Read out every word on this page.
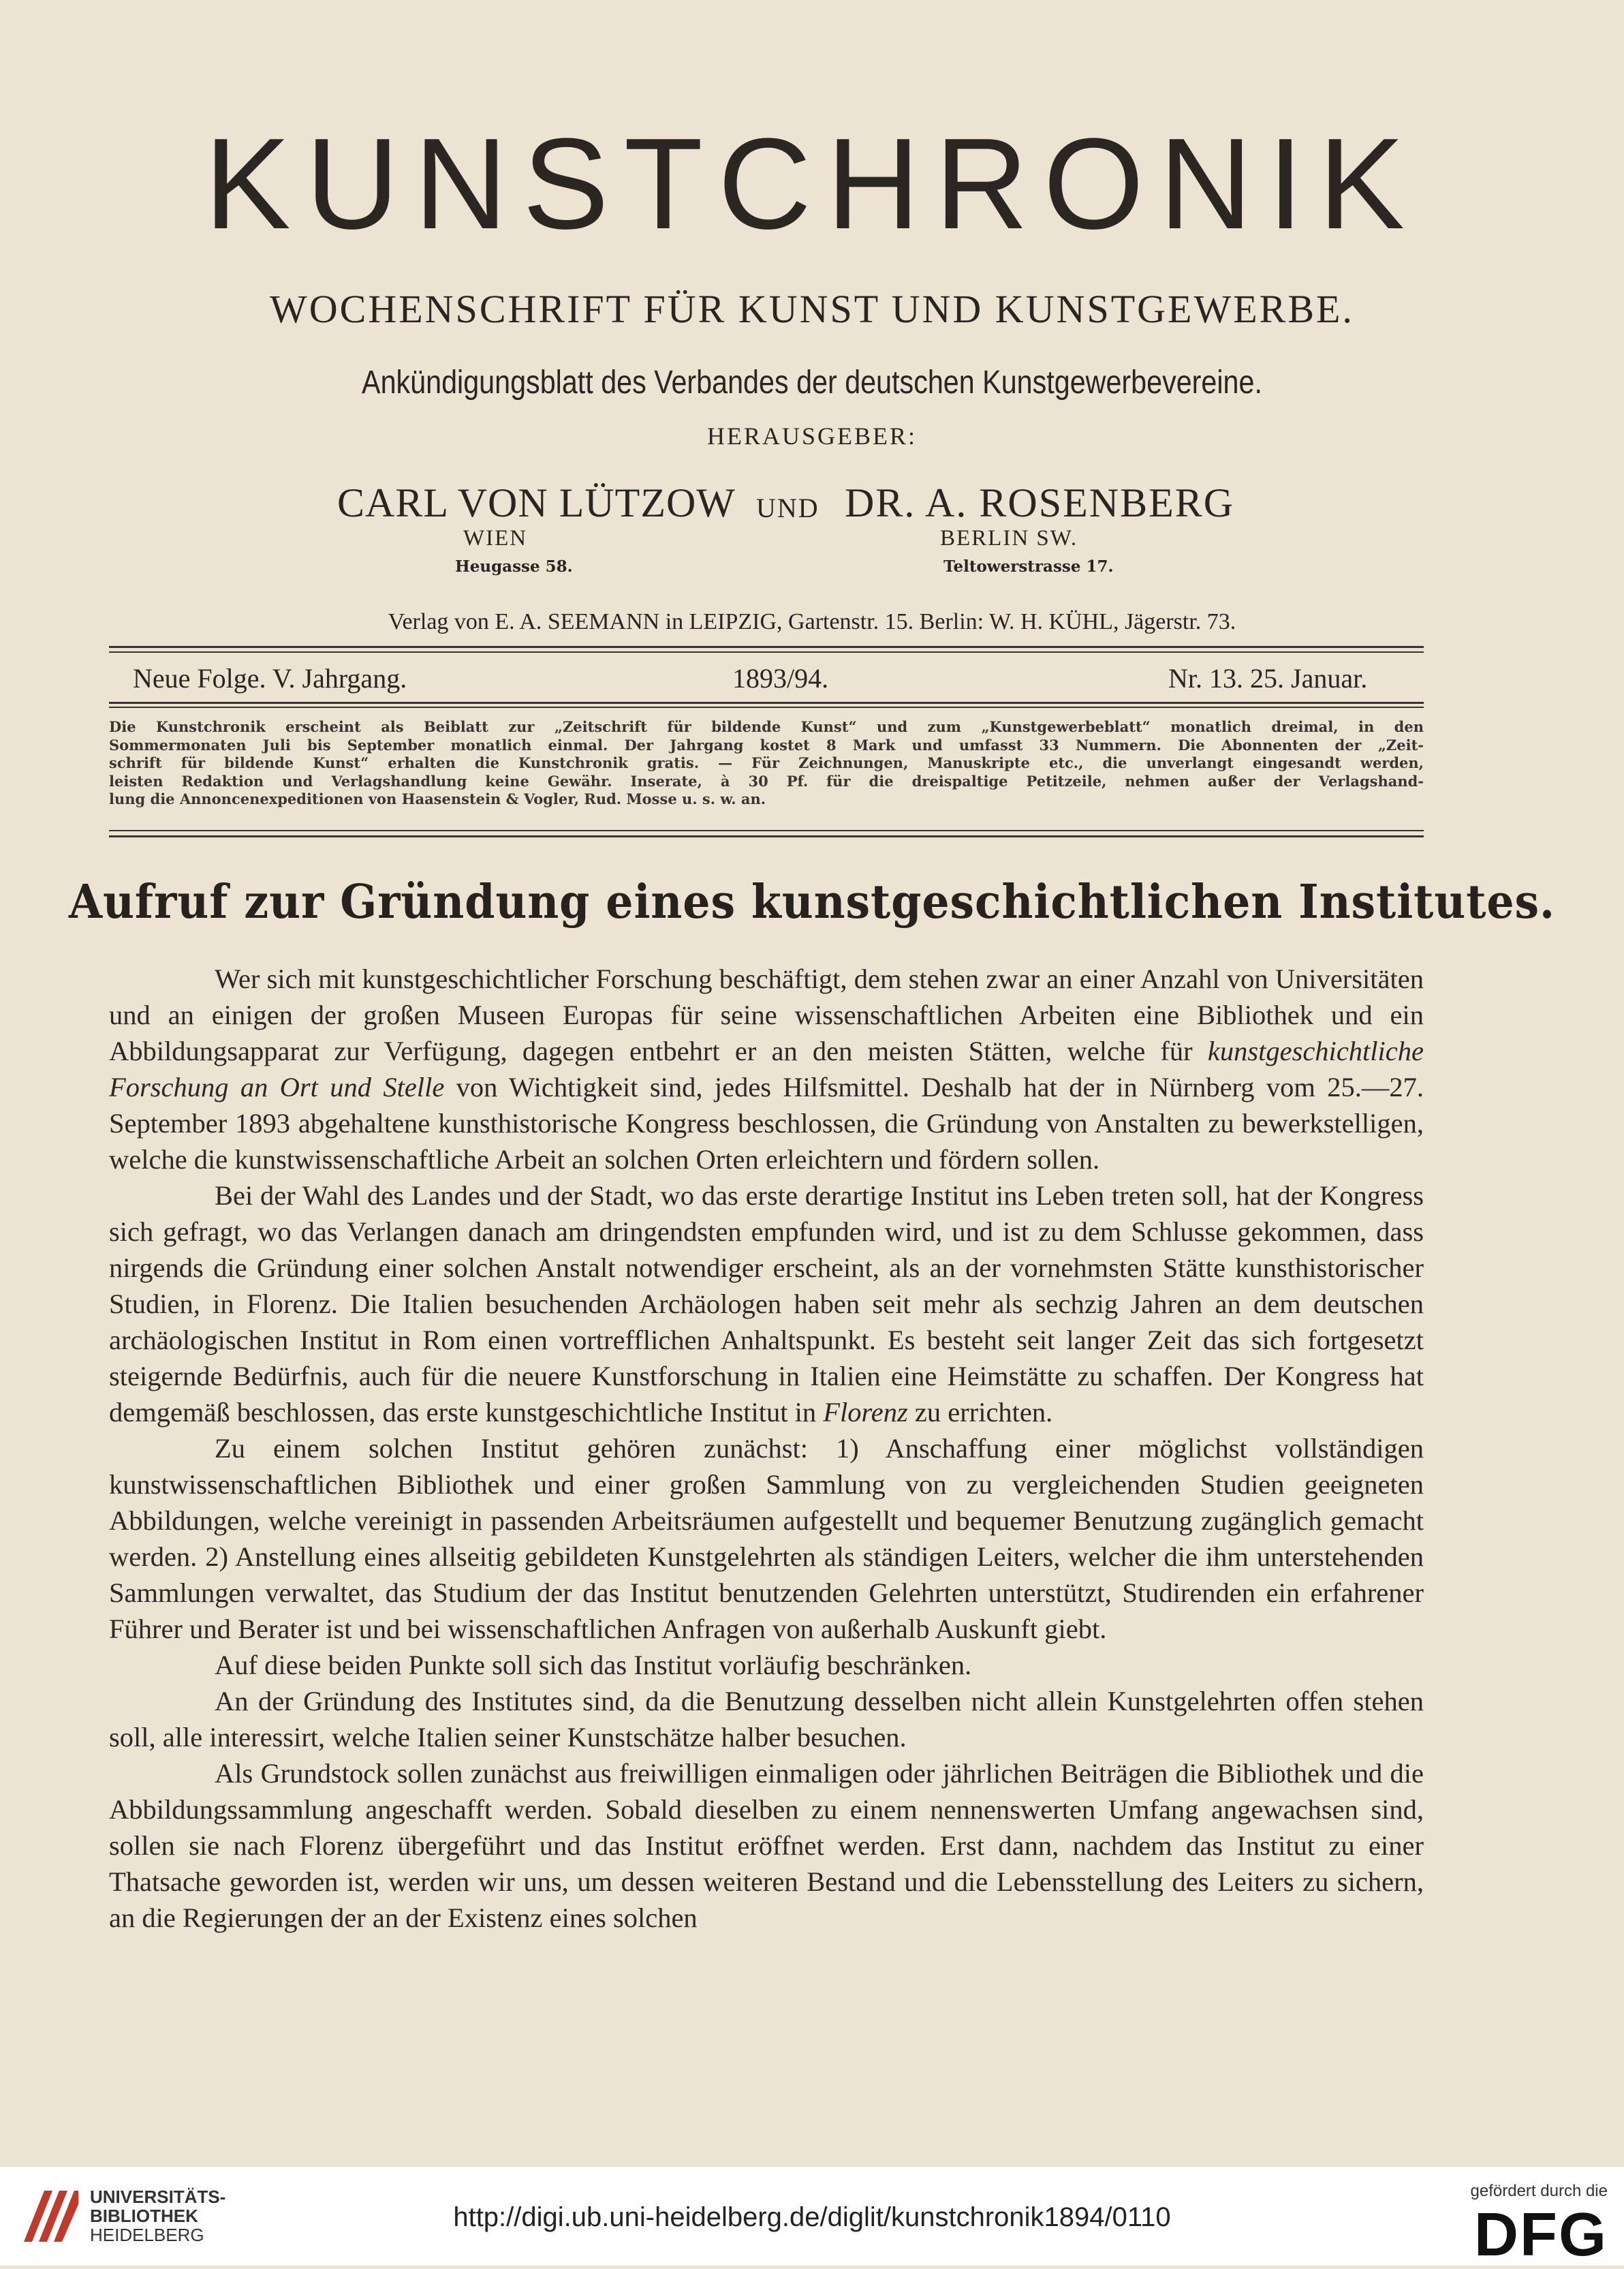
KUNSTCHRONIK
WOCHENSCHRIFT FÜR KUNST UND KUNSTGEWERBE.
Ankündigungsblatt des Verbandes der deutschen Kunstgewerbevereine.
HERAUSGEBER:
CARL VON LÜTZOW UND DR. A. ROSENBERG
WIEN	BERLIN SW.
Heugasse 58.	Teltowerstrasse 17.
Verlag von E. A. SEEMANN in LEIPZIG, Gartenstr. 15. Berlin: W. H. KÜHL, Jägerstr. 73.
Neue Folge. V. Jahrgang.	1893/94.	Nr. 13. 25. Januar.
Die Kunstchronik erscheint als Beiblatt zur „Zeitschrift für bildende Kunst“ und zum „Kunstgewerbeblatt“ monatlich dreimal, in den
Sommermonaten Juli bis September monatlich einmal. Der Jahrgang kostet 8 Mark und umfasst 33 Nummern. Die Abonnenten der „Zeit-
schrift für bildende Kunst“ erhalten die Kunstchronik gratis. — Für Zeichnungen, Manuskripte etc., die unverlangt eingesandt werden,
leisten Redaktion und Verlagshandlung keine Gewähr. Inserate, à 30 Pf. für die dreispaltige Petitzeile, nehmen außer der Verlagshand-
lung die Annoncenexpeditionen von Haasenstein & Vogler, Rud. Mosse u. s. w. an.
Aufruf zur Gründung eines kunstgeschichtlichen Institutes.

Wer sich mit kunstgeschichtlicher Forschung beschäftigt, dem stehen zwar an einer Anzahl von Universitäten und an einigen der großen Museen Europas für seine wissenschaftlichen Arbeiten eine Bibliothek und ein Abbildungsapparat zur Verfügung, dagegen entbehrt er an den meisten Stätten, welche für kunstgeschichtliche Forschung an Ort und Stelle von Wichtigkeit sind, jedes Hilfsmittel. Deshalb hat der in Nürnberg vom 25.—27. September 1893 abgehaltene kunsthistorische Kongress beschlossen, die Gründung von Anstalten zu bewerkstelligen, welche die kunstwissenschaftliche Arbeit an solchen Orten erleichtern und fördern sollen.

Bei der Wahl des Landes und der Stadt, wo das erste derartige Institut ins Leben treten soll, hat der Kongress sich gefragt, wo das Verlangen danach am dringendsten empfunden wird, und ist zu dem Schlusse gekommen, dass nirgends die Gründung einer solchen Anstalt notwendiger erscheint, als an der vornehmsten Stätte kunsthistorischer Studien, in Florenz. Die Italien besuchenden Archäologen haben seit mehr als sechzig Jahren an dem deutschen archäologischen Institut in Rom einen vortrefflichen Anhaltspunkt. Es besteht seit langer Zeit das sich fortgesetzt steigernde Bedürfnis, auch für die neuere Kunstforschung in Italien eine Heimstätte zu schaffen. Der Kongress hat demgemäß beschlossen, das erste kunstgeschichtliche Institut in Florenz zu errichten.

Zu einem solchen Institut gehören zunächst: 1) Anschaffung einer möglichst vollständigen kunstwissenschaftlichen Bibliothek und einer großen Sammlung von zu vergleichenden Studien geeigneten Abbildungen, welche vereinigt in passenden Arbeitsräumen aufgestellt und bequemer Benutzung zugänglich gemacht werden. 2) Anstellung eines allseitig gebildeten Kunstgelehrten als ständigen Leiters, welcher die ihm unterstehenden Sammlungen verwaltet, das Studium der das Institut benutzenden Gelehrten unterstützt, Studirenden ein erfahrener Führer und Berater ist und bei wissenschaftlichen Anfragen von außerhalb Auskunft giebt.

Auf diese beiden Punkte soll sich das Institut vorläufig beschränken.

An der Gründung des Institutes sind, da die Benutzung desselben nicht allein Kunstgelehrten offen stehen soll, alle interessirt, welche Italien seiner Kunstschätze halber besuchen.

Als Grundstock sollen zunächst aus freiwilligen einmaligen oder jährlichen Beiträgen die Bibliothek und die Abbildungssammlung angeschafft werden. Sobald dieselben zu einem nennenswerten Umfang angewachsen sind, sollen sie nach Florenz übergeführt und das Institut eröffnet werden. Erst dann, nachdem das Institut zu einer Thatsache geworden ist, werden wir uns, um dessen weiteren Bestand und die Lebensstellung des Leiters zu sichern, an die Regierungen der an der Existenz eines solchen

UNIVERSITÄTS-
BIBLIOTHEK
HEIDELBERG
http://digi.ub.uni-heidelberg.de/diglit/kunstchronik1894/0110
gefördert durch die
DFG
